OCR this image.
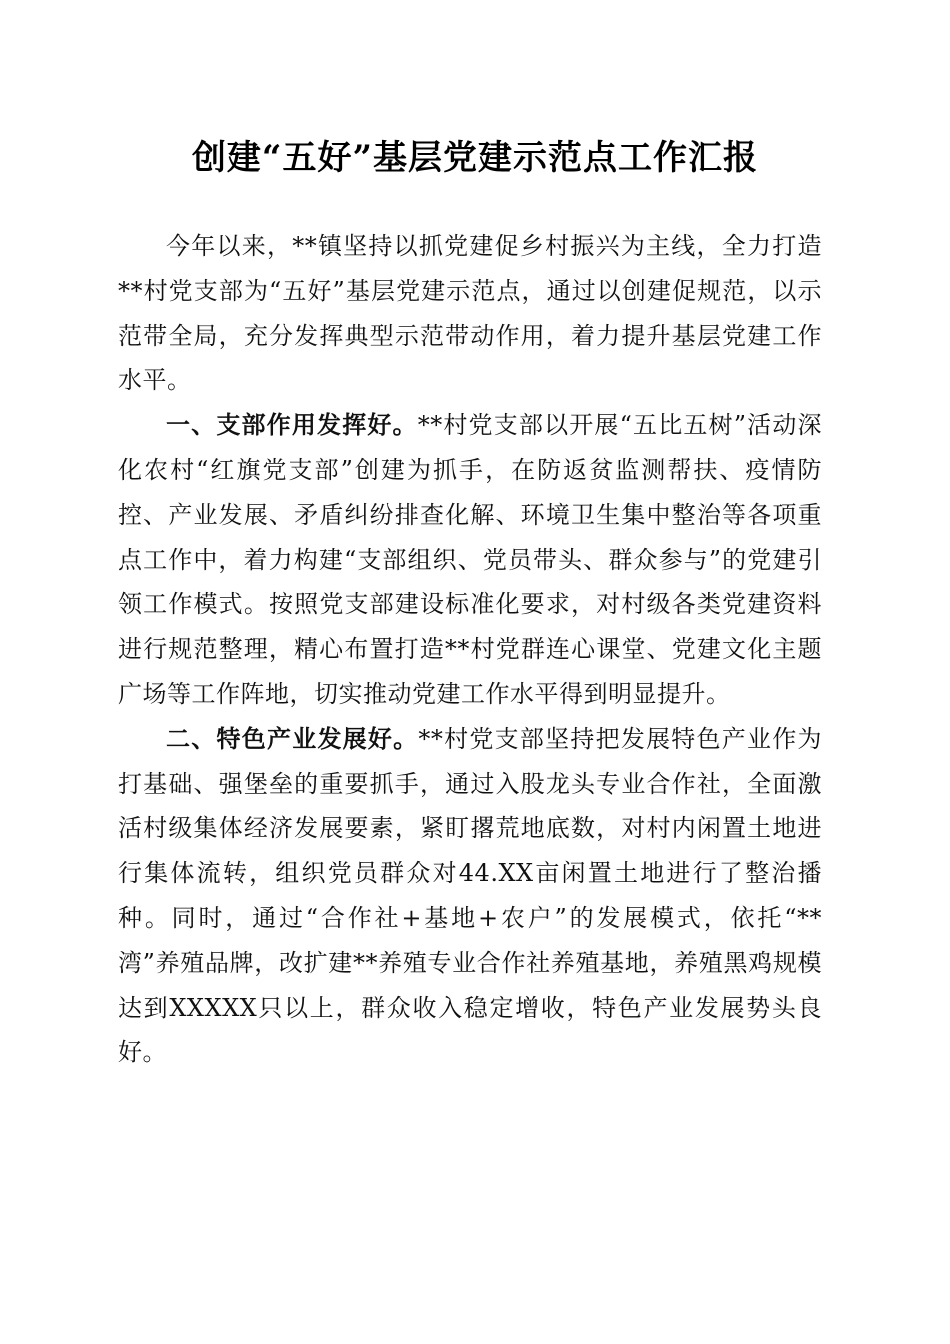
创建“五好”基层党建示范点工作汇报

今年以来，**镇坚持以抓党建促乡村振兴为主线，全力打造**村党支部为“五好”基层党建示范点，通过以创建促规范，以示范带全局，充分发挥典型示范带动作用，着力提升基层党建工作水平。

一、支部作用发挥好。**村党支部以开展“五比五树”活动深化农村“红旗党支部”创建为抓手，在防返贫监测帮扶、疫情防控、产业发展、矛盾纠纷排查化解、环境卫生集中整治等各项重点工作中，着力构建“支部组织、党员带头、群众参与”的党建引领工作模式。按照党支部建设标准化要求，对村级各类党建资料进行规范整理，精心布置打造**村党群连心课堂、党建文化主题广场等工作阵地，切实推动党建工作水平得到明显提升。

二、特色产业发展好。**村党支部坚持把发展特色产业作为打基础、强堡垒的重要抓手，通过入股龙头专业合作社，全面激活村级集体经济发展要素，紧盯撂荒地底数，对村内闲置土地进行集体流转，组织党员群众对44.XX亩闲置土地进行了整治播种。同时，通过“合作社+基地+农户”的发展模式，依托“**湾”养殖品牌，改扩建**养殖专业合作社养殖基地，养殖黑鸡规模达到XXXXX只以上，群众收入稳定增收，特色产业发展势头良好。
